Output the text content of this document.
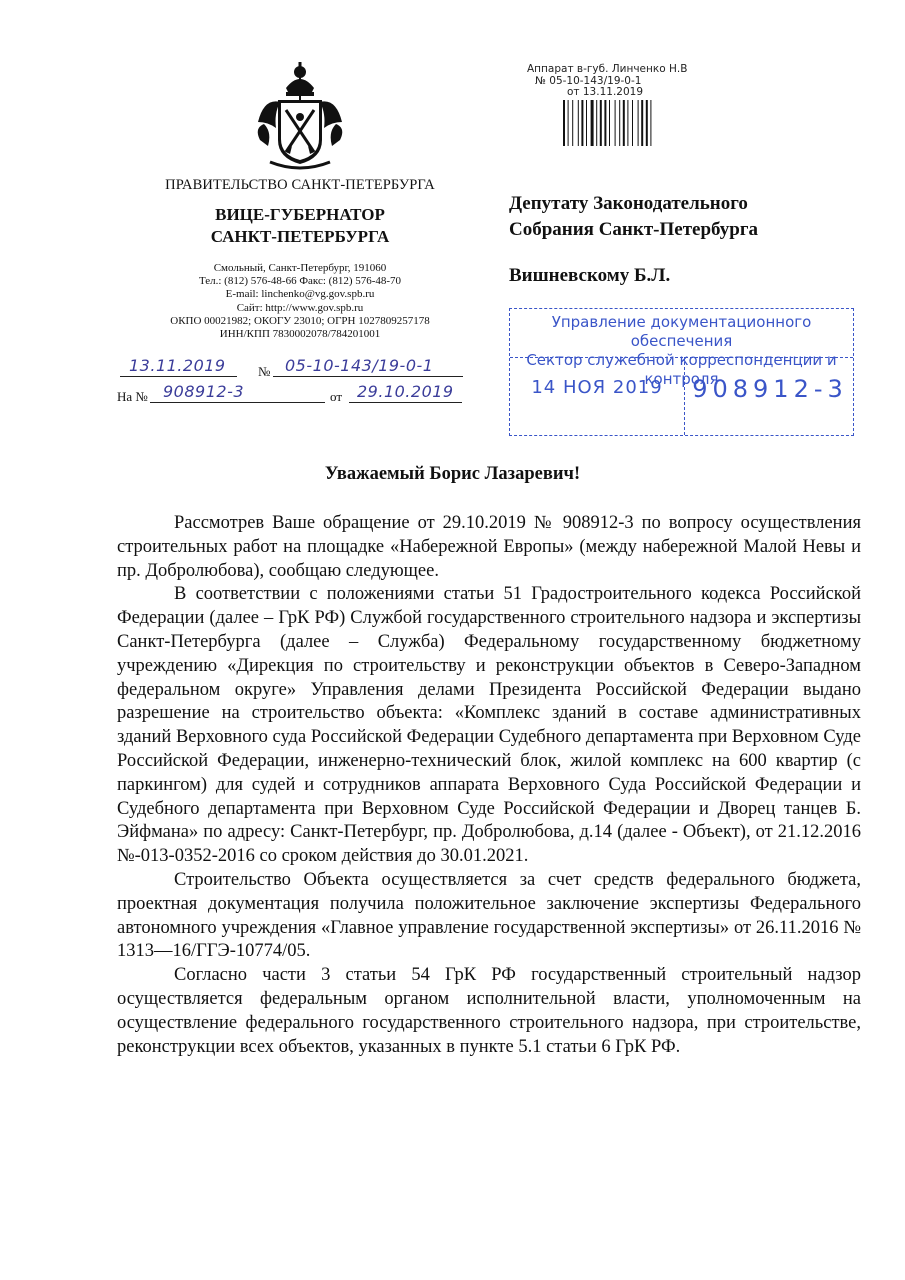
Аппарат в-губ. Линченко Н.В
№ 05-10-143/19-0-1
от 13.11.2019
ПРАВИТЕЛЬСТВО САНКТ-ПЕТЕРБУРГА
ВИЦЕ-ГУБЕРНАТОР
САНКТ-ПЕТЕРБУРГА
Смольный, Санкт-Петербург, 191060
Тел.: (812) 576-48-66 Факс: (812) 576-48-70
E-mail: linchenko@vg.gov.spb.ru
Сайт: http://www.gov.spb.ru
ОКПО 00021982; ОКОГУ 23010; ОГРН 1027809257178
ИНН/КПП 7830002078/784201001
13.11.2019 № 05-10-143/19-0-1
На № 908912-3	от 29.10.2019
Депутату Законодательного
Собрания Санкт-Петербурга
Вишневскому Б.Л.
Управление документационного обеспечения
Сектор служебной корреспонденции и контроля
14 НОЯ 2019	908912-3
Уважаемый Борис Лазаревич!

Рассмотрев Ваше обращение от 29.10.2019 № 908912-3 по вопросу осуществления строительных работ на площадке «Набережной Европы» (между набережной Малой Невы и пр. Добролюбова), сообщаю следующее.

В соответствии с положениями статьи 51 Градостроительного кодекса Российской Федерации (далее – ГрК РФ) Службой государственного строительного надзора и экспертизы Санкт-Петербурга (далее – Служба) Федеральному государственному бюджетному учреждению «Дирекция по строительству и реконструкции объектов в Северо-Западном федеральном округе» Управления делами Президента Российской Федерации выдано разрешение на строительство объекта: «Комплекс зданий в составе административных зданий Верховного суда Российской Федерации Судебного департамента при Верховном Суде Российской Федерации, инженерно-технический блок, жилой комплекс на 600 квартир (с паркингом) для судей и сотрудников аппарата Верховного Суда Российской Федерации и Судебного департамента при Верховном Суде Российской Федерации и Дворец танцев Б. Эйфмана» по адресу: Санкт-Петербург, пр. Добролюбова, д.14 (далее - Объект), от 21.12.2016 №-013-0352-2016 со сроком действия до 30.01.2021.

Строительство Объекта осуществляется за счет средств федерального бюджета, проектная документация получила положительное заключение экспертизы Федерального автономного учреждения «Главное управление государственной экспертизы» от 26.11.2016 № 1313—16/ГГЭ-10774/05.

Согласно части 3 статьи 54 ГрК РФ государственный строительный надзор осуществляется федеральным органом исполнительной власти, уполномоченным на осуществление федерального государственного строительного надзора, при строительстве, реконструкции всех объектов, указанных в пункте 5.1 статьи 6 ГрК РФ.
